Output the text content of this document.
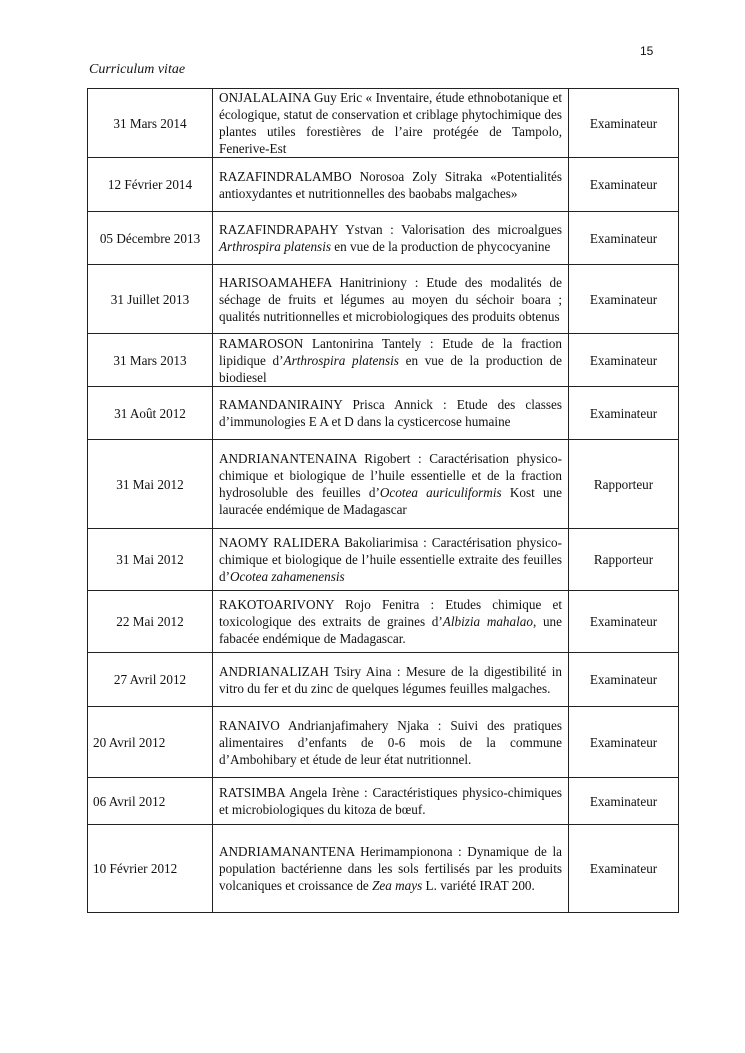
15
Curriculum vitae
31 Mars 2014	ONJALALAINA Guy Eric « Inventaire, étude ethnobotanique et écologique, statut de conservation et criblage phytochimique des plantes utiles forestières de l’aire protégée de Tampolo, Fenerive-Est	Examinateur
12 Février 2014	RAZAFINDRALAMBO Norosoa Zoly Sitraka «Potentialités antioxydantes et nutritionnelles des baobabs malgaches»	Examinateur
05 Décembre 2013	RAZAFINDRAPAHY Ystvan : Valorisation des microalgues Arthrospira platensis en vue de la production de phycocyanine	Examinateur
31 Juillet 2013	HARISOAMAHEFA Hanitriniony : Etude des modalités de séchage de fruits et légumes au moyen du séchoir boara ; qualités nutritionnelles et microbiologiques des produits obtenus	Examinateur
31 Mars 2013	RAMAROSON Lantonirina Tantely : Etude de la fraction lipidique d’Arthrospira platensis en vue de la production de biodiesel	Examinateur
31 Août 2012	RAMANDANIRAINY Prisca Annick : Etude des classes d’immunologies E A et D dans la cysticercose humaine	Examinateur
31 Mai 2012	ANDRIANANTENAINA Rigobert : Caractérisation physico-chimique et biologique de l’huile essentielle et de la fraction hydrosoluble des feuilles d’Ocotea auriculiformis Kost une lauracée endémique de Madagascar	Rapporteur
31 Mai 2012	NAOMY RALIDERA Bakoliarimisa : Caractérisation physico-chimique et biologique de l’huile essentielle extraite des feuilles d’Ocotea zahamenensis	Rapporteur
22 Mai 2012	RAKOTOARIVONY Rojo Fenitra : Etudes chimique et toxicologique des extraits de graines d’Albizia mahalao, une fabacée endémique de Madagascar.	Examinateur
27 Avril 2012	ANDRIANALIZAH Tsiry Aina : Mesure de la digestibilité in vitro du fer et du zinc de quelques légumes feuilles malgaches.	Examinateur
20 Avril 2012	RANAIVO Andrianjafimahery Njaka : Suivi des pratiques alimentaires d’enfants de 0-6 mois de la commune d’Ambohibary et étude de leur état nutritionnel.	Examinateur
06 Avril 2012	RATSIMBA Angela Irène : Caractéristiques physico-chimiques et microbiologiques du kitoza de bœuf.	Examinateur
10 Février 2012	ANDRIAMANANTENA Herimampionona : Dynamique de la population bactérienne dans les sols fertilisés par les produits volcaniques et croissance de Zea mays L. variété IRAT 200.	Examinateur
